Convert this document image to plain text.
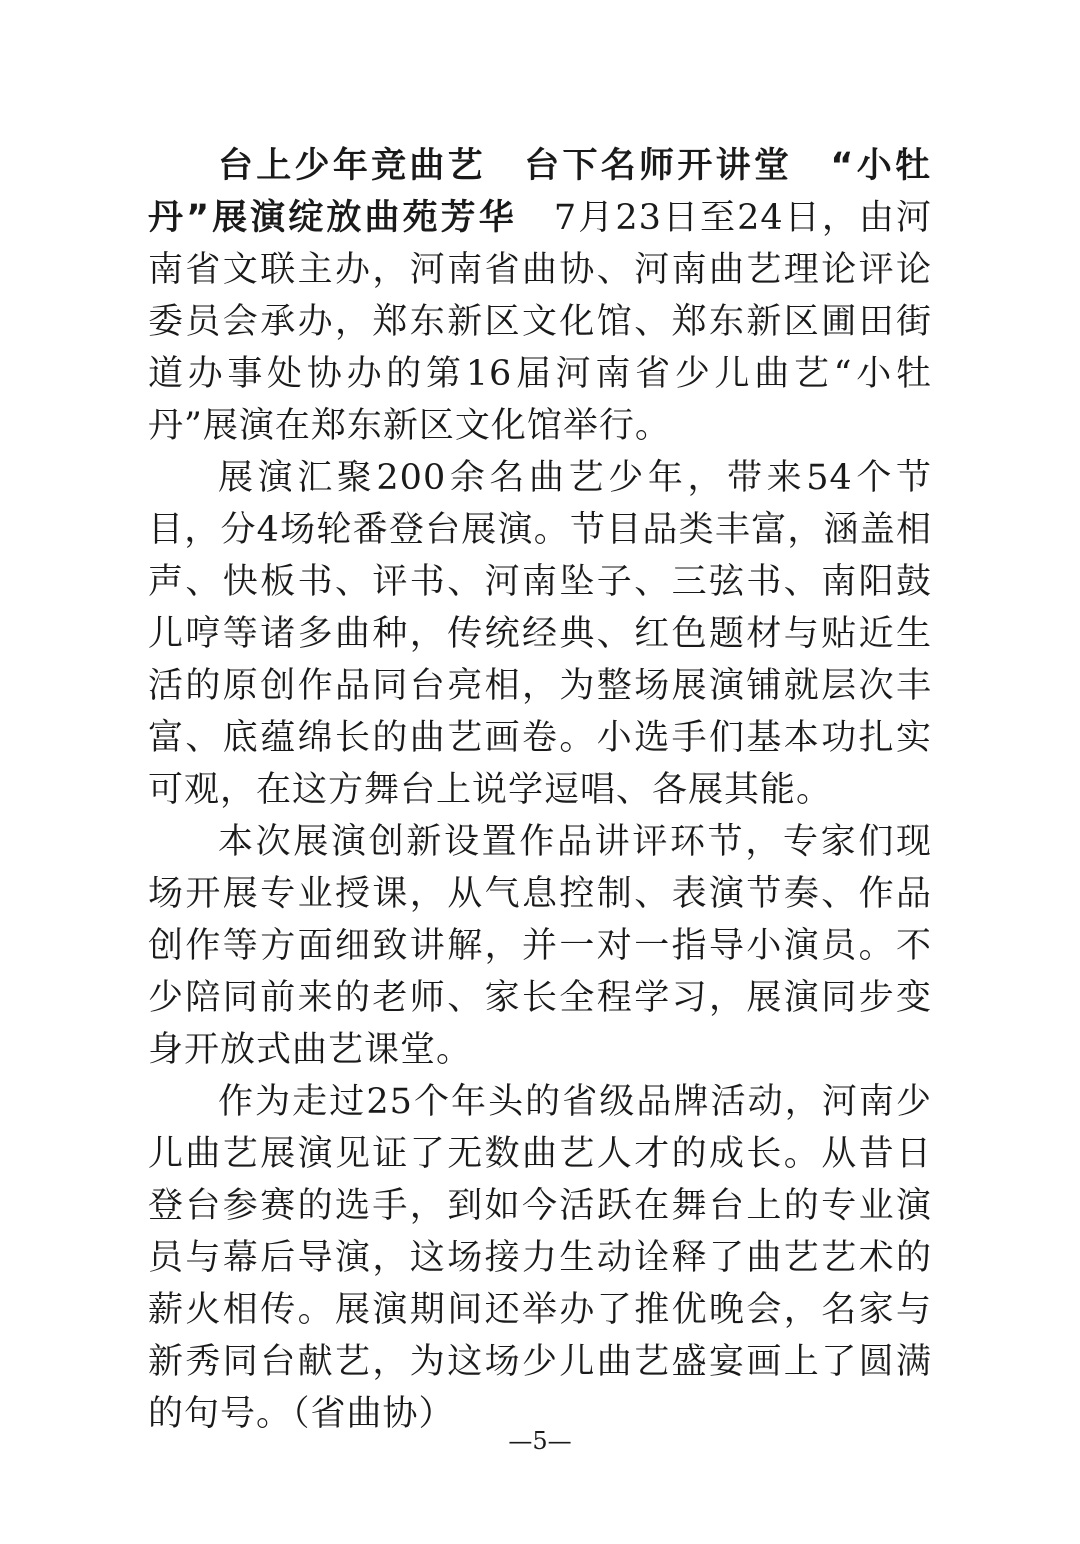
台上少年竞曲艺　台下名师开讲堂　“小牡丹”展演绽放曲苑芳华　7月23日至24日，由河南省文联主办，河南省曲协、河南曲艺理论评论委员会承办，郑东新区文化馆、郑东新区圃田街道办事处协办的第16届河南省少儿曲艺“小牡丹”展演在郑东新区文化馆举行。

展演汇聚200余名曲艺少年，带来54个节目，分4场轮番登台展演。节目品类丰富，涵盖相声、快板书、评书、河南坠子、三弦书、南阳鼓儿哼等诸多曲种，传统经典、红色题材与贴近生活的原创作品同台亮相，为整场展演铺就层次丰富、底蕴绵长的曲艺画卷。小选手们基本功扎实可观，在这方舞台上说学逗唱、各展其能。

本次展演创新设置作品讲评环节，专家们现场开展专业授课，从气息控制、表演节奏、作品创作等方面细致讲解，并一对一指导小演员。不少陪同前来的老师、家长全程学习，展演同步变身开放式曲艺课堂。

作为走过25个年头的省级品牌活动，河南少儿曲艺展演见证了无数曲艺人才的成长。从昔日登台参赛的选手，到如今活跃在舞台上的专业演员与幕后导演，这场接力生动诠释了曲艺艺术的薪火相传。展演期间还举办了推优晚会，名家与新秀同台献艺，为这场少儿曲艺盛宴画上了圆满的句号。（省曲协）

—5—
